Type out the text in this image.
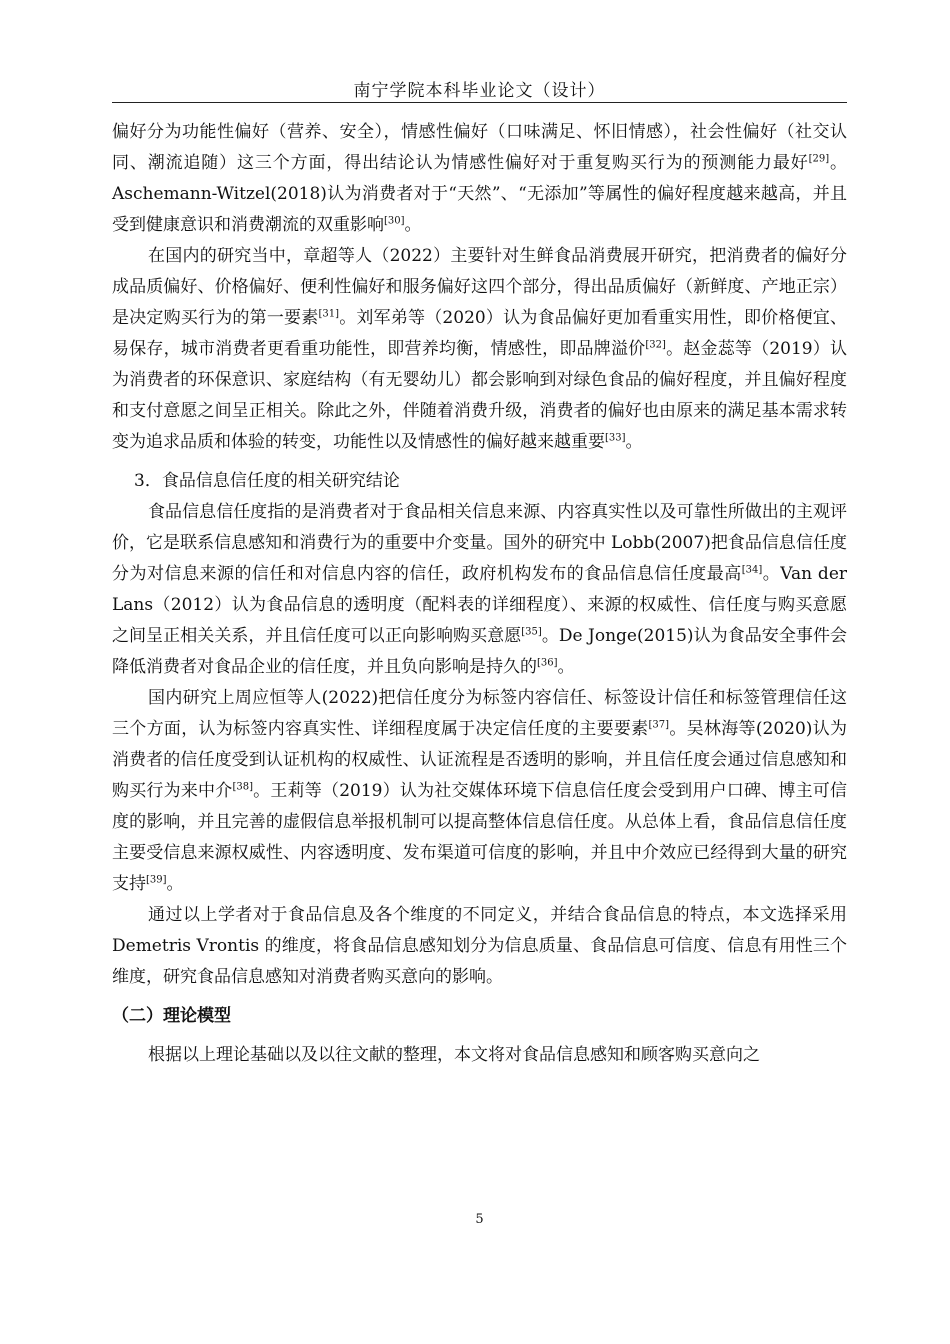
南宁学院本科毕业论文（设计）

偏好分为功能性偏好（营养、安全），情感性偏好（口味满足、怀旧情感），社会性偏好（社交认同、潮流追随）这三个方面，得出结论认为情感性偏好对于重复购买行为的预测能力最好[29]。Aschemann-Witzel(2018)认为消费者对于“天然”、“无添加”等属性的偏好程度越来越高，并且受到健康意识和消费潮流的双重影响[30]。

在国内的研究当中，章超等人（2022）主要针对生鲜食品消费展开研究，把消费者的偏好分成品质偏好、价格偏好、便利性偏好和服务偏好这四个部分，得出品质偏好（新鲜度、产地正宗）是决定购买行为的第一要素[31]。刘军弟等（2020）认为食品偏好更加看重实用性，即价格便宜、易保存，城市消费者更看重功能性，即营养均衡，情感性，即品牌溢价[32]。赵金蕊等（2019）认为消费者的环保意识、家庭结构（有无婴幼儿）都会影响到对绿色食品的偏好程度，并且偏好程度和支付意愿之间呈正相关。除此之外，伴随着消费升级，消费者的偏好也由原来的满足基本需求转变为追求品质和体验的转变，功能性以及情感性的偏好越来越重要[33]。

3．食品信息信任度的相关研究结论

食品信息信任度指的是消费者对于食品相关信息来源、内容真实性以及可靠性所做出的主观评价，它是联系信息感知和消费行为的重要中介变量。国外的研究中 Lobb(2007)把食品信息信任度分为对信息来源的信任和对信息内容的信任，政府机构发布的食品信息信任度最高[34]。Van der Lans（2012）认为食品信息的透明度（配料表的详细程度）、来源的权威性、信任度与购买意愿之间呈正相关关系，并且信任度可以正向影响购买意愿[35]。De Jonge(2015)认为食品安全事件会降低消费者对食品企业的信任度，并且负向影响是持久的[36]。

国内研究上周应恒等人(2022)把信任度分为标签内容信任、标签设计信任和标签管理信任这三个方面，认为标签内容真实性、详细程度属于决定信任度的主要要素[37]。吴林海等(2020)认为消费者的信任度受到认证机构的权威性、认证流程是否透明的影响，并且信任度会通过信息感知和购买行为来中介[38]。王莉等（2019）认为社交媒体环境下信息信任度会受到用户口碑、博主可信度的影响，并且完善的虚假信息举报机制可以提高整体信息信任度。从总体上看，食品信息信任度主要受信息来源权威性、内容透明度、发布渠道可信度的影响，并且中介效应已经得到大量的研究支持[39]。

通过以上学者对于食品信息及各个维度的不同定义，并结合食品信息的特点，本文选择采用 Demetris Vrontis 的维度，将食品信息感知划分为信息质量、食品信息可信度、信息有用性三个维度，研究食品信息感知对消费者购买意向的影响。

（二）理论模型

根据以上理论基础以及以往文献的整理，本文将对食品信息感知和顾客购买意向之

5
